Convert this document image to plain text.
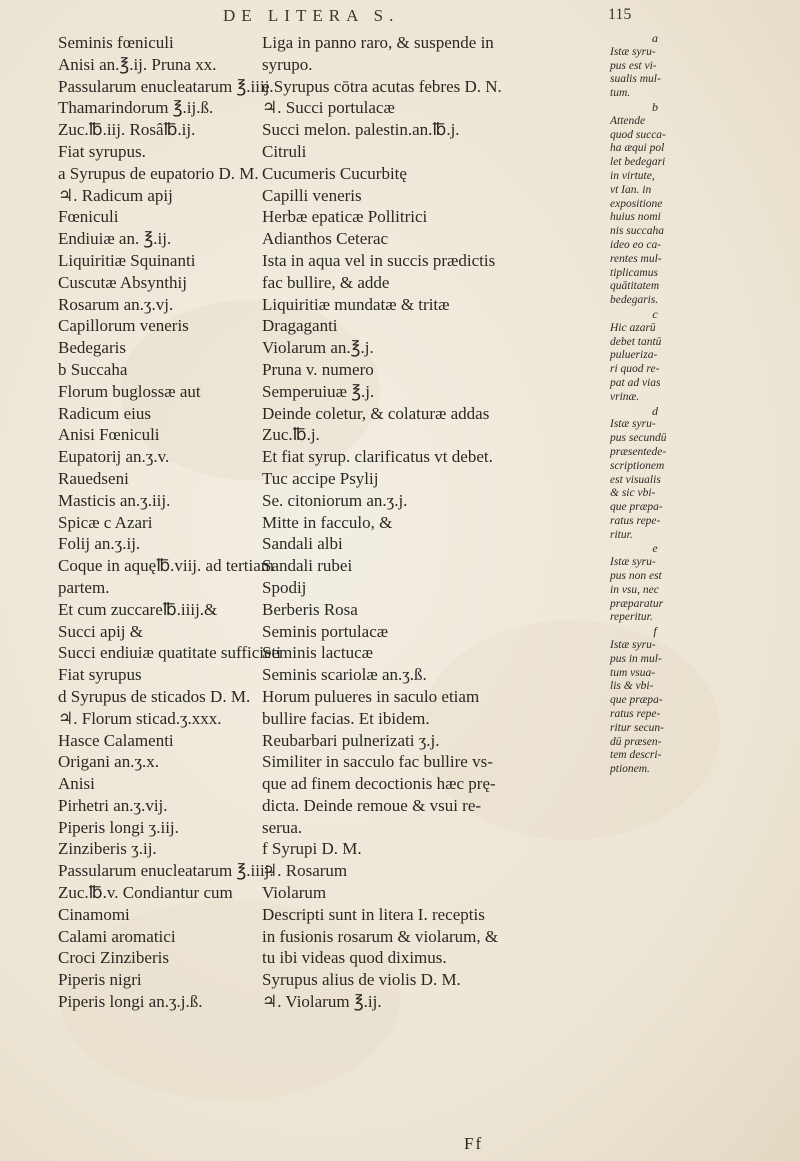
DE LITERA S.	115
Seminis fœniculi
Anisi an.℥.ij. Pruna xx.
Passularum enucleatarum ℥.iiij.
Thamarindorum ℥.ij.ß.
Zuc.℔.iij. Rosâ℔.ij.
Fiat syrupus.
a Syrupus de eupatorio D. M.
♃. Radicum apij
Fœniculi
Endiuiæ an. ℥.ij.
Liquiritiæ Squinanti
Cuscutæ Absynthij
Rosarum an.ʒ.vj.
Capillorum veneris
Bedegaris
b Succaha
Florum buglossæ aut
Radicum eius
Anisi Fœniculi
Eupatorij an.ʒ.v.
Rauedseni
Masticis an.ʒ.iij.
Spicæ c Azari
Folij an.ʒ.ij.
Coque in aquę℔.viij. ad tertiam
partem.
Et cum zuccare℔.iiij.&
Succi apij &
Succi endiuiæ quatitate sufficieti
Fiat syrupus
d Syrupus de sticados D. M.
♃. Florum sticad.ʒ.xxx.
Hasce Calamenti
Origani an.ʒ.x.
Anisi
Pirhetri an.ʒ.vij.
Piperis longi ʒ.iij.
Zinziberis ʒ.ij.
Passularum enucleatarum ℥.iiij.
Zuc.℔.v. Condiantur cum
Cinamomi
Calami aromatici
Croci Zinziberis
Piperis nigri
Piperis longi an.ʒ.j.ß.
Liga in panno raro, & suspende in
syrupo.
e Syrupus cōtra acutas febres D. N.
♃. Succi portulacæ
Succi melon. palestin.an.℔.j.
Citruli
Cucumeris Cucurbitę
Capilli veneris
Herbæ epaticæ Pollitrici
Adianthos Ceterac
Ista in aqua vel in succis prædictis
fac bullire, & adde
Liquiritiæ mundatæ & tritæ
Dragaganti
Violarum an.℥.j.
Pruna v. numero
Semperuiuæ ℥.j.
Deinde coletur, & colaturæ addas
Zuc.℔.j.
Et fiat syrup. clarificatus vt debet.
Tuc accipe Psylij
Se. citoniorum an.ʒ.j.
Mitte in facculo, &
Sandali albi
Sandali rubei
Spodij
Berberis Rosa
Seminis portulacæ
Seminis lactucæ
Seminis scariolæ an.ʒ.ß.
Horum pulueres in saculo etiam
bullire facias. Et ibidem.
Reubarbari pulnerizati ʒ.j.
Similiter in sacculo fac bullire vs-
que ad finem decoctionis hæc prę-
dicta. Deinde remoue & vsui re-
serua.
f Syrupi D. M.
♃. Rosarum
Violarum
Descripti sunt in litera I. receptis
in fusionis rosarum & violarum, &
tu ibi videas quod diximus.
Syrupus alius de violis D. M.
♃. Violarum ℥.ij.
a
Istæ syru-
pus est vi-
sualis mul-
tum.
b
Attende
quod succa-
ha æqui pol
let bedegari
in virtute,
vt Ian. in
expositione
huius nomi
nis succaha
ideo eo ca-
rentes mul-
tiplicamus
quātitatem
bedegaris.
c
Hic azarū
debet tantū
pulueriza-
ri quod re-
pat ad vias
vrinæ.
d
Istæ syru-
pus secundū
præsentede-
scriptionem
est visualis
& sic vbi-
que præpa-
ratus repe-
ritur.
e
Istæ syru-
pus non est
in vsu, nec
præparatur
reperitur.
f
Istæ syru-
pus in mul-
tum vsua-
lis & vbi-
que præpa-
ratus repe-
ritur secun-
dū præsen-
tem descri-
ptionem.
Ff
